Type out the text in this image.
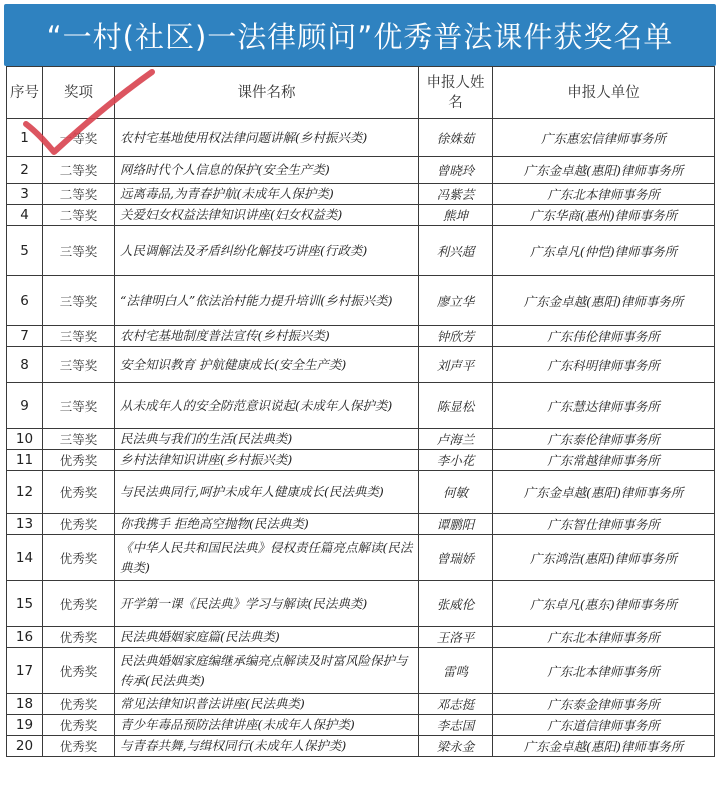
“一村(社区)一法律顾问”优秀普法课件获奖名单
序号	奖项	课件名称	申报人姓名	申报人单位
1	一等奖	农村宅基地使用权法律问题讲解(乡村振兴类)	徐姝茹	广东惠宏信律师事务所
2	二等奖	网络时代个人信息的保护(安全生产类)	曾晓玲	广东金卓越(惠阳)律师事务所
3	二等奖	远离毒品,为青春护航(未成年人保护类)	冯紫芸	广东北本律师事务所
4	二等奖	关爱妇女权益法律知识讲座(妇女权益类)	熊坤	广东华商(惠州)律师事务所
5	三等奖	人民调解法及矛盾纠纷化解技巧讲座(行政类)	利兴超	广东卓凡(仲恺)律师事务所
6	三等奖	“法律明白人”依法治村能力提升培训(乡村振兴类)	廖立华	广东金卓越(惠阳)律师事务所
7	三等奖	农村宅基地制度普法宣传(乡村振兴类)	钟欣芳	广东伟伦律师事务所
8	三等奖	安全知识教育 护航健康成长(安全生产类)	刘声平	广东科明律师事务所
9	三等奖	从未成年人的安全防范意识说起(未成年人保护类)	陈显松	广东慧达律师事务所
10	三等奖	民法典与我们的生活(民法典类)	卢海兰	广东泰伦律师事务所
11	优秀奖	乡村法律知识讲座(乡村振兴类)	李小花	广东常越律师事务所
12	优秀奖	与民法典同行,呵护未成年人健康成长(民法典类)	何敏	广东金卓越(惠阳)律师事务所
13	优秀奖	你我携手 拒绝高空抛物(民法典类)	谭鹏阳	广东智仕律师事务所
14	优秀奖	《中华人民共和国民法典》侵权责任篇亮点解读(民法典类)	曾瑞娇	广东鸿浩(惠阳)律师事务所
15	优秀奖	开学第一课《民法典》学习与解读(民法典类)	张威伦	广东卓凡(惠东)律师事务所
16	优秀奖	民法典婚姻家庭篇(民法典类)	王洛平	广东北本律师事务所
17	优秀奖	民法典婚姻家庭编继承编亮点解读及时富风险保护与传承(民法典类)	雷鸣	广东北本律师事务所
18	优秀奖	常见法律知识普法讲座(民法典类)	邓志挺	广东泰金律师事务所
19	优秀奖	青少年毒品预防法律讲座(未成年人保护类)	李志国	广东道信律师事务所
20	优秀奖	与青春共舞,与缉权同行(未成年人保护类)	梁永金	广东金卓越(惠阳)律师事务所
